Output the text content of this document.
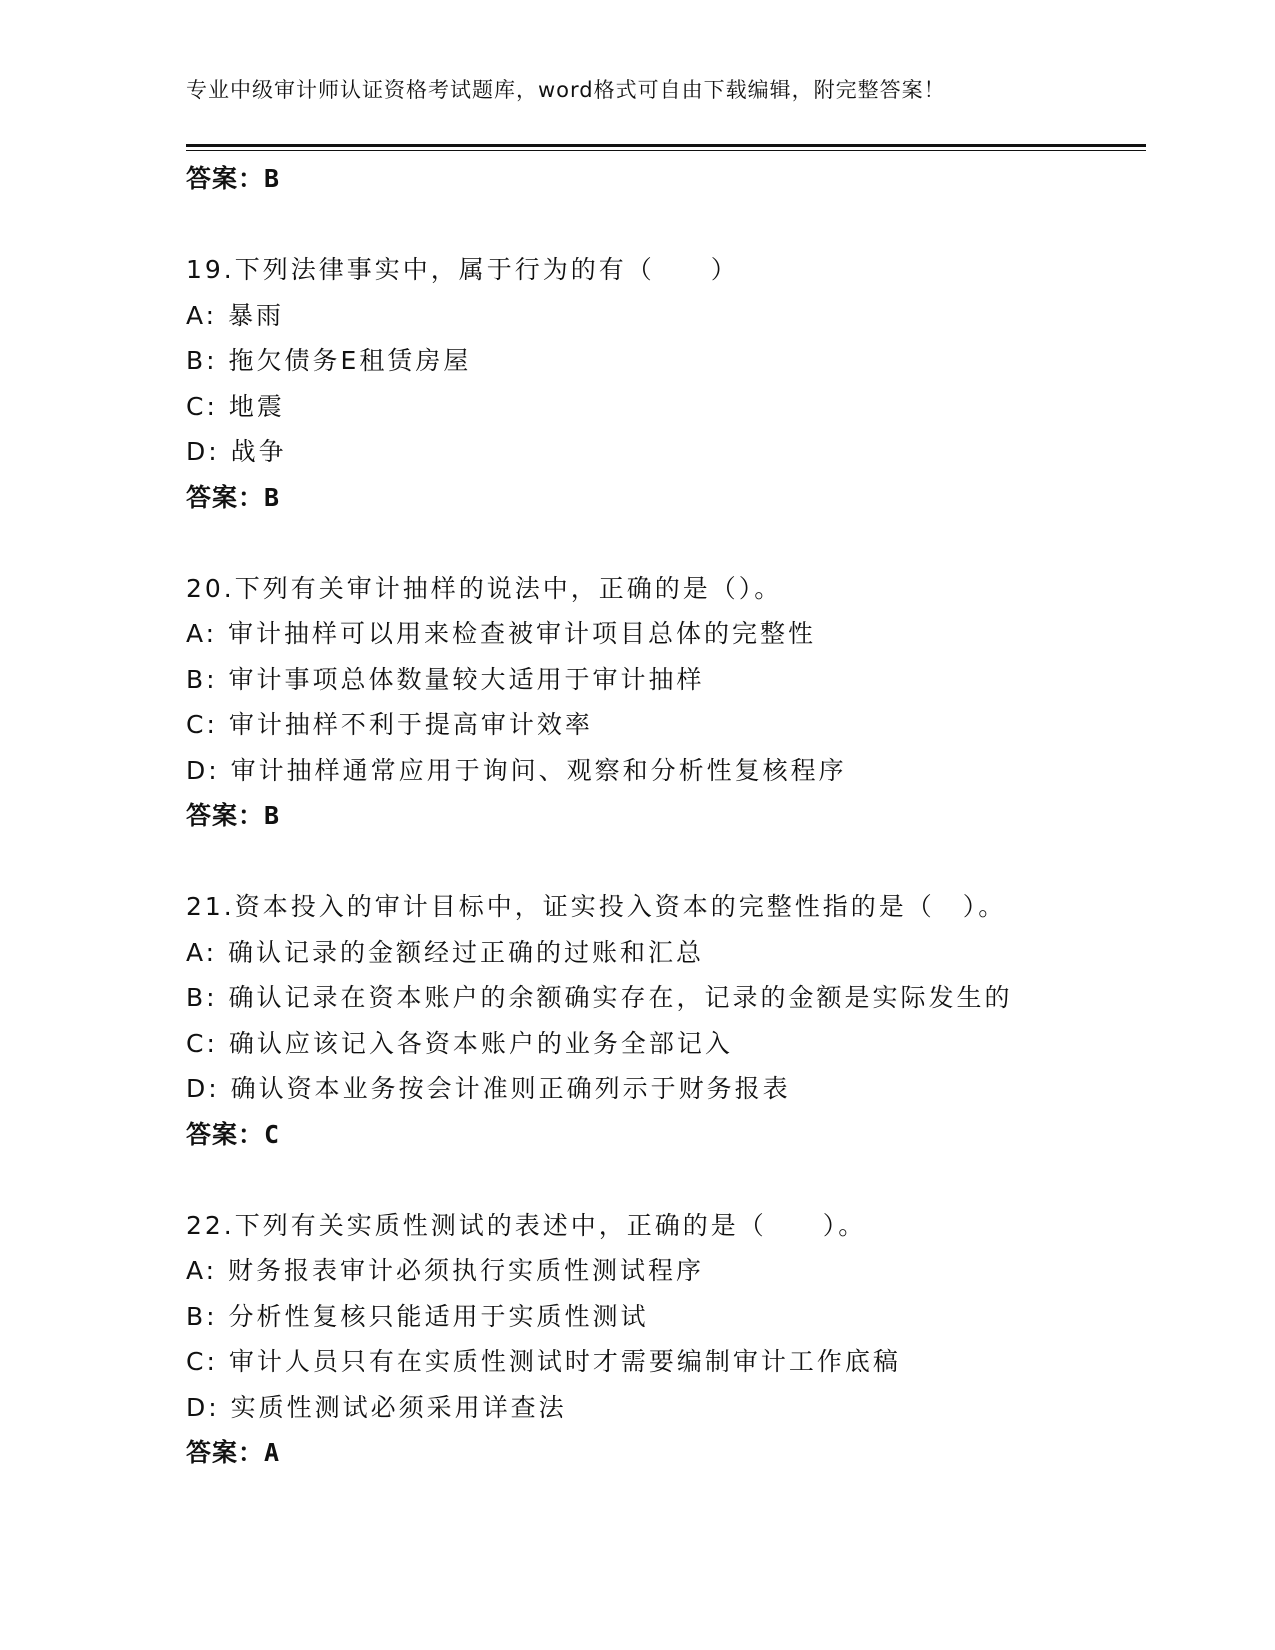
专业中级审计师认证资格考试题库，word格式可自由下载编辑，附完整答案！
答案：B
19.下列法律事实中，属于行为的有（　　）
A: 暴雨
B: 拖欠债务E租赁房屋
C: 地震
D: 战争
答案：B
20.下列有关审计抽样的说法中，正确的是（）。
A: 审计抽样可以用来检查被审计项目总体的完整性
B: 审计事项总体数量较大适用于审计抽样
C: 审计抽样不利于提高审计效率
D: 审计抽样通常应用于询问、观察和分析性复核程序
答案：B
21.资本投入的审计目标中，证实投入资本的完整性指的是（　）。
A: 确认记录的金额经过正确的过账和汇总
B: 确认记录在资本账户的余额确实存在，记录的金额是实际发生的
C: 确认应该记入各资本账户的业务全部记入
D: 确认资本业务按会计准则正确列示于财务报表
答案：C
22.下列有关实质性测试的表述中，正确的是（　　）。
A: 财务报表审计必须执行实质性测试程序
B: 分析性复核只能适用于实质性测试
C: 审计人员只有在实质性测试时才需要编制审计工作底稿
D: 实质性测试必须采用详查法
答案：A
